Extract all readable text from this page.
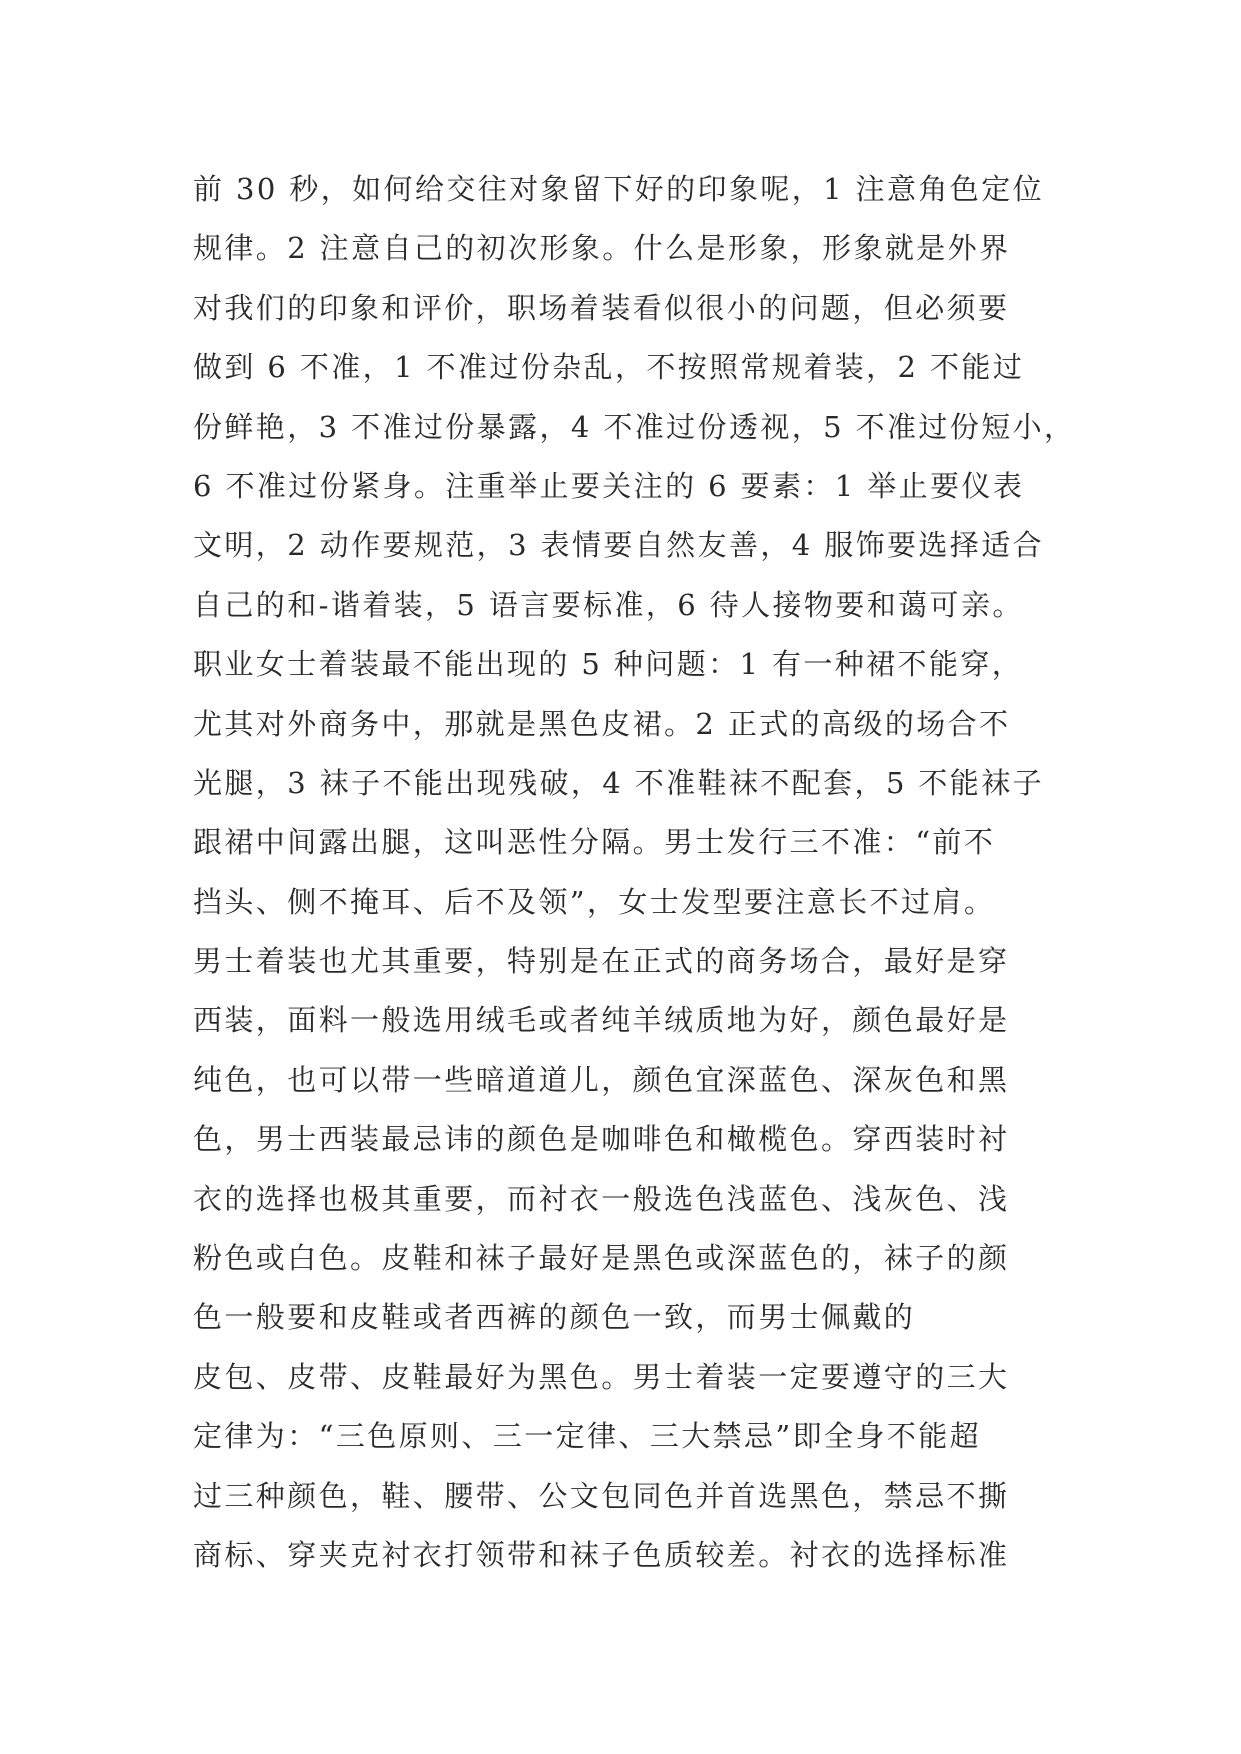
前 30 秒，如何给交往对象留下好的印象呢，1 注意角色定位
规律。2 注意自己的初次形象。什么是形象，形象就是外界
对我们的印象和评价，职场着装看似很小的问题，但必须要
做到 6 不准，1 不准过份杂乱，不按照常规着装，2 不能过
份鲜艳，3 不准过份暴露，4 不准过份透视，5 不准过份短小，
6 不准过份紧身。注重举止要关注的 6 要素：1 举止要仪表
文明，2 动作要规范，3 表情要自然友善，4 服饰要选择适合
自己的和-谐着装，5 语言要标准，6 待人接物要和蔼可亲。
职业女士着装最不能出现的 5 种问题：1 有一种裙不能穿，
尤其对外商务中，那就是黑色皮裙。2 正式的高级的场合不
光腿，3 袜子不能出现残破，4 不准鞋袜不配套，5 不能袜子
跟裙中间露出腿，这叫恶性分隔。男士发行三不准：“前不
挡头、侧不掩耳、后不及领”，女士发型要注意长不过肩。
男士着装也尤其重要，特别是在正式的商务场合，最好是穿
西装，面料一般选用绒毛或者纯羊绒质地为好，颜色最好是
纯色，也可以带一些暗道道儿，颜色宜深蓝色、深灰色和黑
色，男士西装最忌讳的颜色是咖啡色和橄榄色。穿西装时衬
衣的选择也极其重要，而衬衣一般选色浅蓝色、浅灰色、浅
粉色或白色。皮鞋和袜子最好是黑色或深蓝色的，袜子的颜
色一般要和皮鞋或者西裤的颜色一致，而男士佩戴的
皮包、皮带、皮鞋最好为黑色。男士着装一定要遵守的三大
定律为：“三色原则、三一定律、三大禁忌”即全身不能超
过三种颜色，鞋、腰带、公文包同色并首选黑色，禁忌不撕
商标、穿夹克衬衣打领带和袜子色质较差。衬衣的选择标准
